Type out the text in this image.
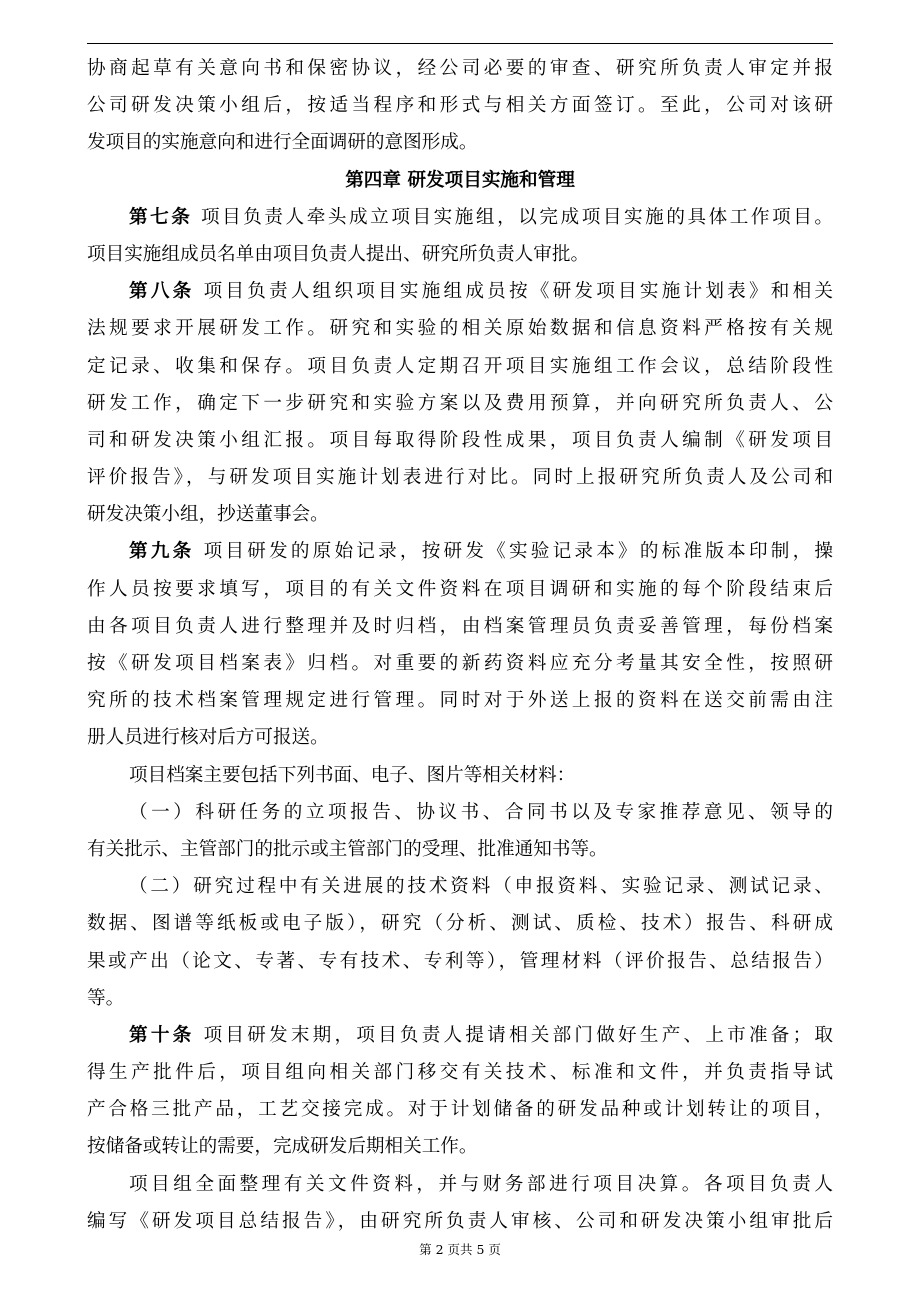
协商起草有关意向书和保密协议，经公司必要的审查、研究所负责人审定并报
公司研发决策小组后，按适当程序和形式与相关方面签订。至此，公司对该研
发项目的实施意向和进行全面调研的意图形成。
第四章 研发项目实施和管理
第七条 项目负责人牵头成立项目实施组，以完成项目实施的具体工作项目。
项目实施组成员名单由项目负责人提出、研究所负责人审批。
第八条 项目负责人组织项目实施组成员按《研发项目实施计划表》和相关
法规要求开展研发工作。研究和实验的相关原始数据和信息资料严格按有关规
定记录、收集和保存。项目负责人定期召开项目实施组工作会议，总结阶段性
研发工作，确定下一步研究和实验方案以及费用预算，并向研究所负责人、公
司和研发决策小组汇报。项目每取得阶段性成果，项目负责人编制《研发项目
评价报告》，与研发项目实施计划表进行对比。同时上报研究所负责人及公司和
研发决策小组，抄送董事会。
第九条 项目研发的原始记录，按研发《实验记录本》的标准版本印制，操
作人员按要求填写，项目的有关文件资料在项目调研和实施的每个阶段结束后
由各项目负责人进行整理并及时归档，由档案管理员负责妥善管理，每份档案
按《研发项目档案表》归档。对重要的新药资料应充分考量其安全性，按照研
究所的技术档案管理规定进行管理。同时对于外送上报的资料在送交前需由注
册人员进行核对后方可报送。
项目档案主要包括下列书面、电子、图片等相关材料：
（一）科研任务的立项报告、协议书、合同书以及专家推荐意见、领导的
有关批示、主管部门的批示或主管部门的受理、批准通知书等。
（二）研究过程中有关进展的技术资料（申报资料、实验记录、测试记录、
数据、图谱等纸板或电子版），研究（分析、测试、质检、技术）报告、科研成
果或产出（论文、专著、专有技术、专利等），管理材料（评价报告、总结报告）
等。
第十条 项目研发末期，项目负责人提请相关部门做好生产、上市准备；取
得生产批件后，项目组向相关部门移交有关技术、标准和文件，并负责指导试
产合格三批产品，工艺交接完成。对于计划储备的研发品种或计划转让的项目，
按储备或转让的需要，完成研发后期相关工作。
项目组全面整理有关文件资料，并与财务部进行项目决算。各项目负责人
编写《研发项目总结报告》，由研究所负责人审核、公司和研发决策小组审批后
第 2 页共 5 页
